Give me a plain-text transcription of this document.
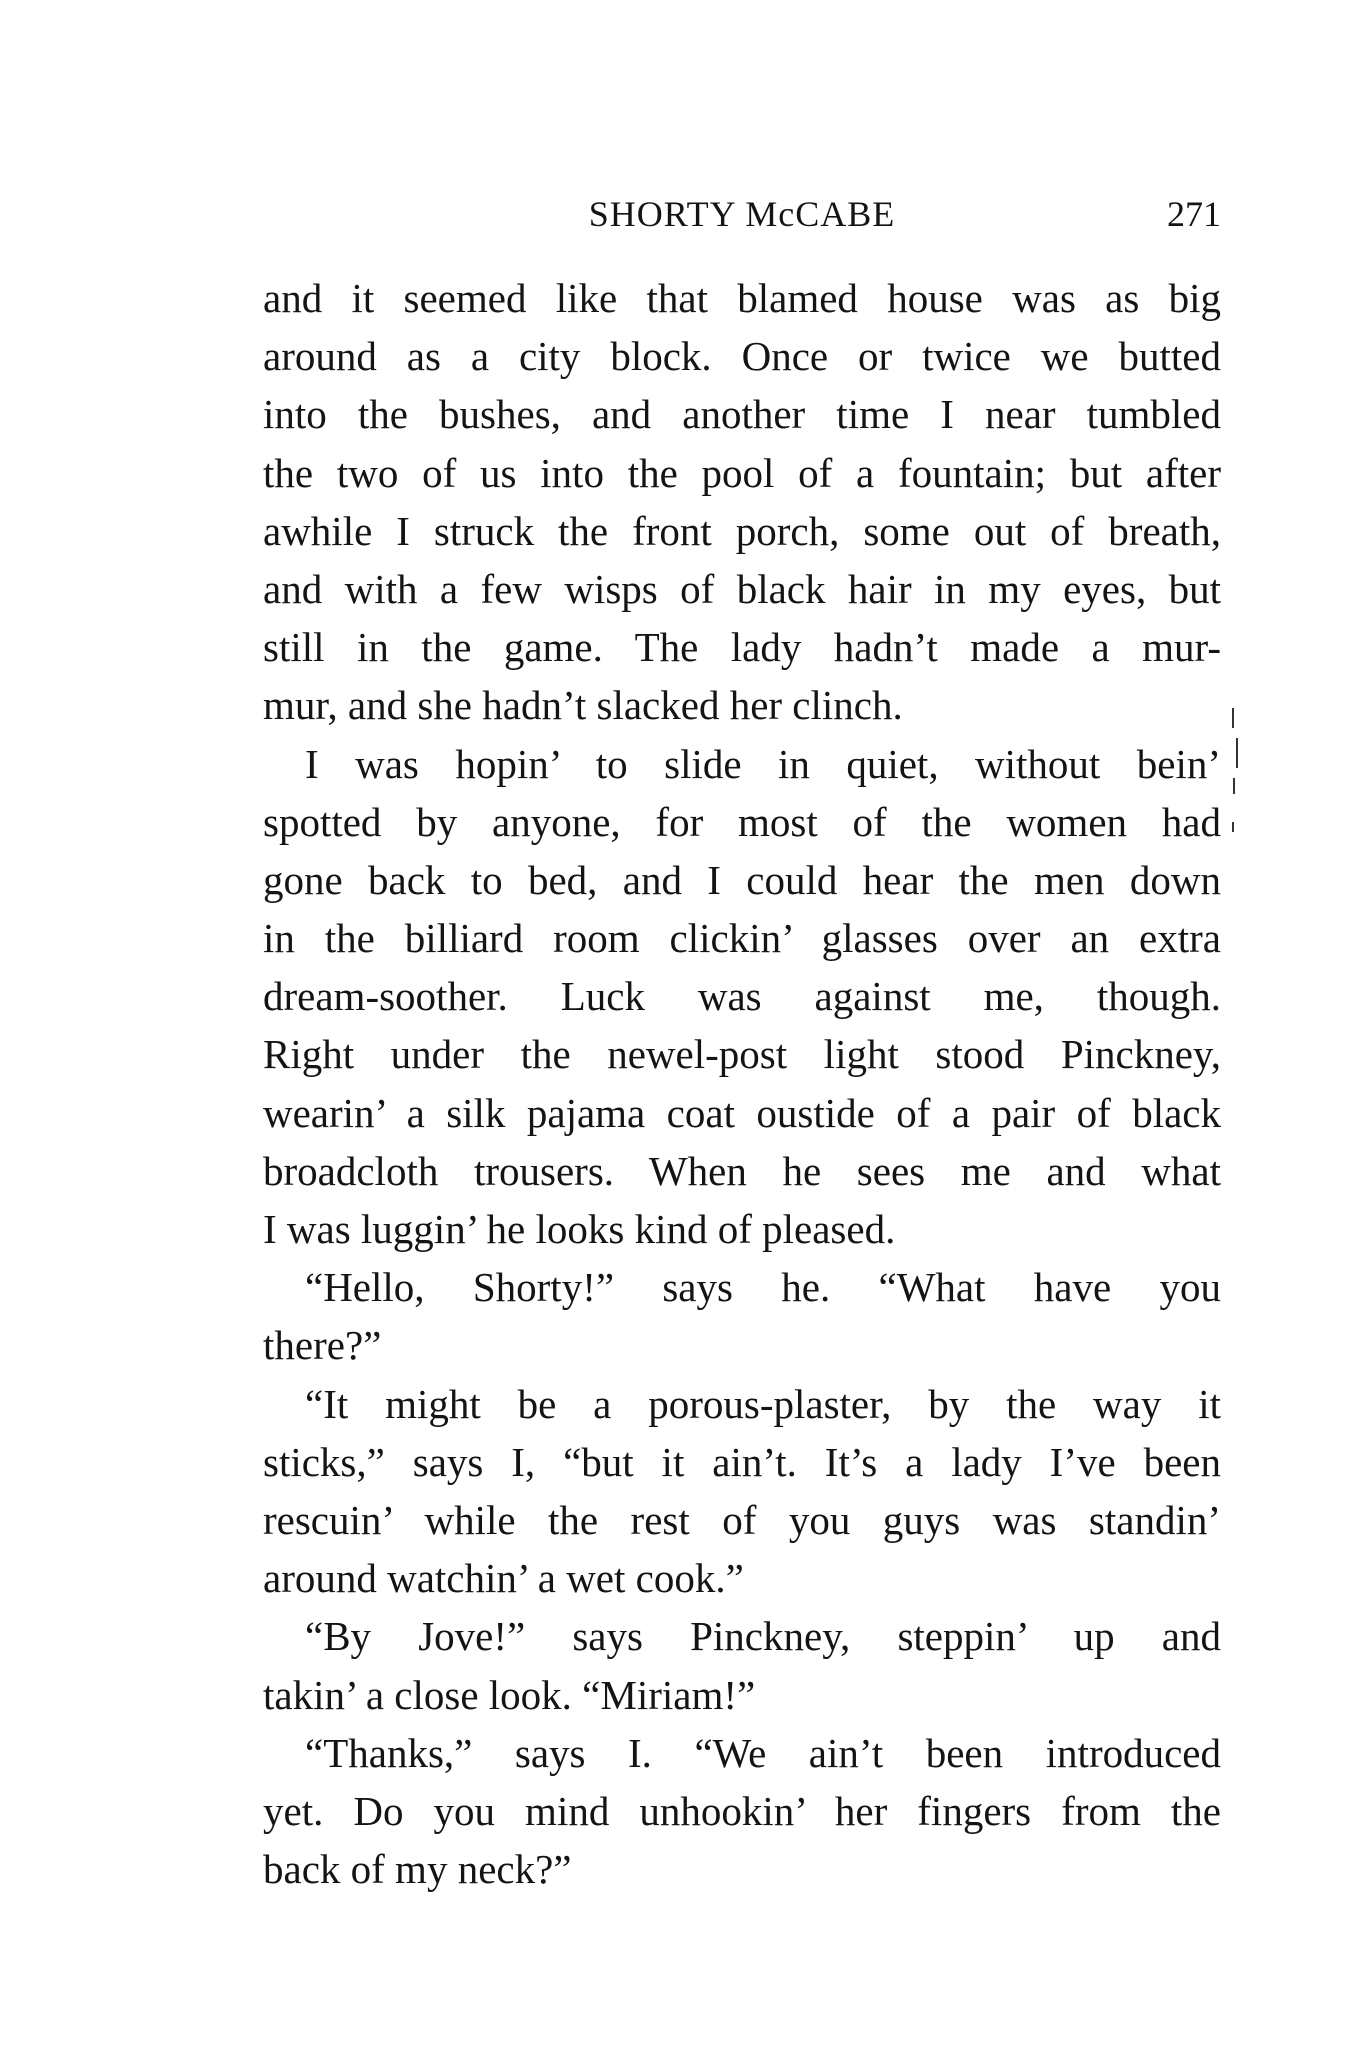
SHORTY McCABE	271
and it seemed like that blamed house was as big
around as a city block. Once or twice we butted
into the bushes, and another time I near tumbled
the two of us into the pool of a fountain; but after
awhile I struck the front porch, some out of breath,
and with a few wisps of black hair in my eyes, but
still in the game. The lady hadn’t made a mur-
mur, and she hadn’t slacked her clinch.
I was hopin’ to slide in quiet, without bein’
spotted by anyone, for most of the women had
gone back to bed, and I could hear the men down
in the billiard room clickin’ glasses over an extra
dream-soother. Luck was against me, though.
Right under the newel-post light stood Pinckney,
wearin’ a silk pajama coat oustide of a pair of black
broadcloth trousers. When he sees me and what
I was luggin’ he looks kind of pleased.
“Hello, Shorty!” says he. “What have you
there?”
“It might be a porous-plaster, by the way it
sticks,” says I, “but it ain’t. It’s a lady I’ve been
rescuin’ while the rest of you guys was standin’
around watchin’ a wet cook.”
“By Jove!” says Pinckney, steppin’ up and
takin’ a close look. “Miriam!”
“Thanks,” says I. “We ain’t been introduced
yet. Do you mind unhookin’ her fingers from the
back of my neck?”
